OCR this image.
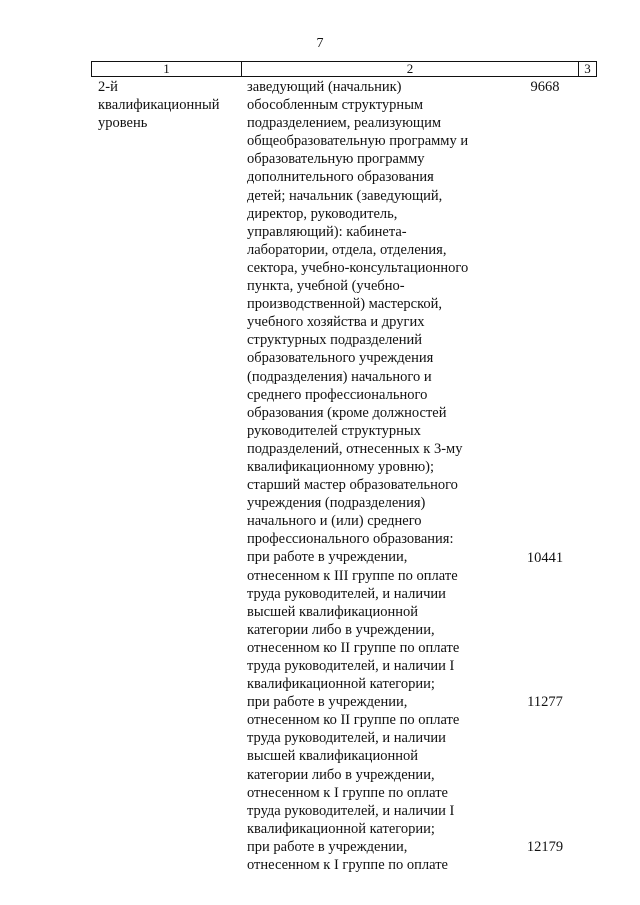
7
1	2	3
2-й
квалификационный
уровень
заведующий (начальник)
обособленным структурным
подразделением, реализующим
общеобразовательную программу и
образовательную программу
дополнительного образования
детей; начальник (заведующий,
директор, руководитель,
управляющий): кабинета-
лаборатории, отдела, отделения,
сектора, учебно-консультационного
пункта, учебной (учебно-
производственной) мастерской,
учебного хозяйства и других
структурных подразделений
образовательного учреждения
(подразделения) начального и
среднего профессионального
образования (кроме должностей
руководителей структурных
подразделений, отнесенных к 3-му
квалификационному уровню);
старший мастер образовательного
учреждения (подразделения)
начального и (или) среднего
профессионального образования:
при работе в учреждении,
отнесенном к III группе по оплате
труда руководителей, и наличии
высшей квалификационной
категории либо в учреждении,
отнесенном ко II группе по оплате
труда руководителей, и наличии I
квалификационной категории;
при работе в учреждении,
отнесенном ко II группе по оплате
труда руководителей, и наличии
высшей квалификационной
категории либо в учреждении,
отнесенном к I группе по оплате
труда руководителей, и наличии I
квалификационной категории;
при работе в учреждении,
отнесенном к I группе по оплате
9668
10441
11277
12179
